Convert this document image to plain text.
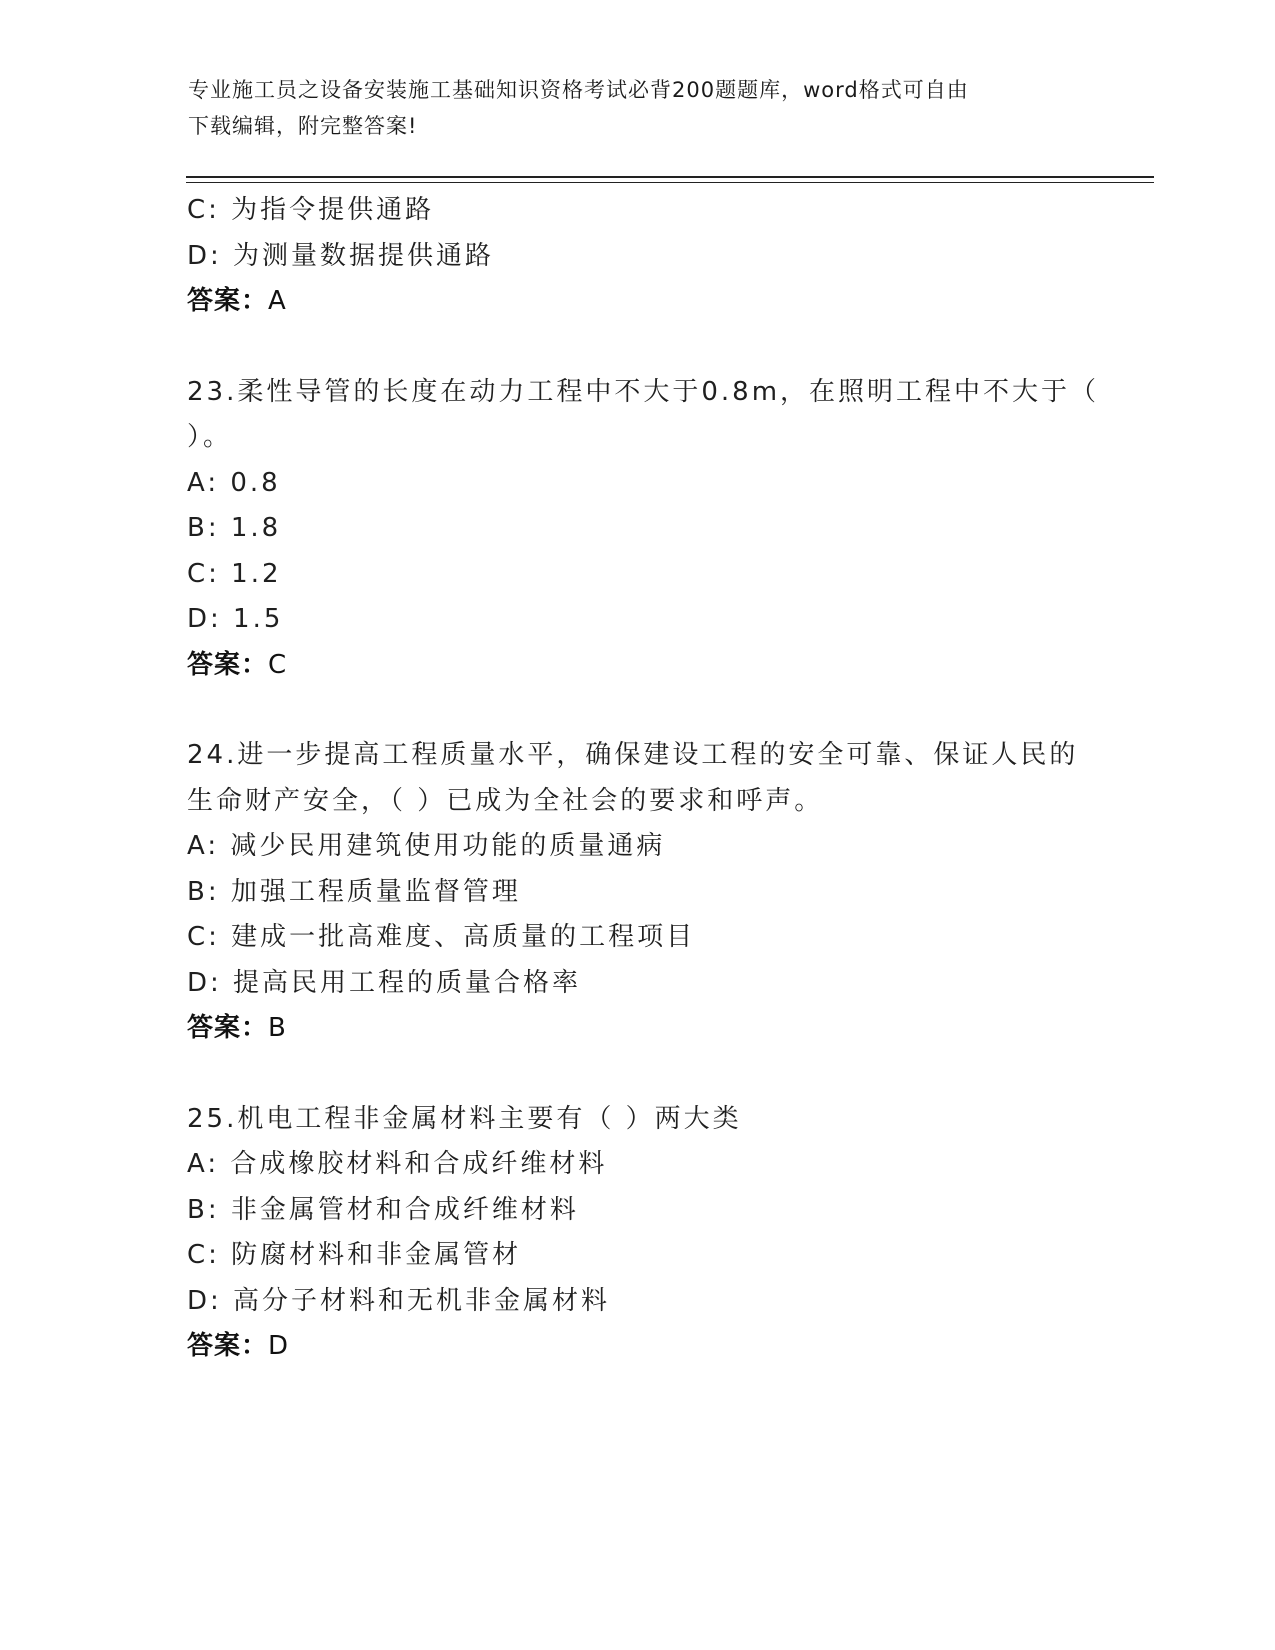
专业施工员之设备安装施工基础知识资格考试必背200题题库，word格式可自由
下载编辑，附完整答案!
C: 为指令提供通路
D: 为测量数据提供通路
答案：A
23.柔性导管的长度在动力工程中不大于0.8m，在照明工程中不大于（
）。
A: 0.8
B: 1.8
C: 1.2
D: 1.5
答案：C
24.进一步提高工程质量水平，确保建设工程的安全可靠、保证人民的
生命财产安全，（ ）已成为全社会的要求和呼声。
A: 减少民用建筑使用功能的质量通病
B: 加强工程质量监督管理
C: 建成一批高难度、高质量的工程项目
D: 提高民用工程的质量合格率
答案：B
25.机电工程非金属材料主要有（ ）两大类
A: 合成橡胶材料和合成纤维材料
B: 非金属管材和合成纤维材料
C: 防腐材料和非金属管材
D: 高分子材料和无机非金属材料
答案：D
